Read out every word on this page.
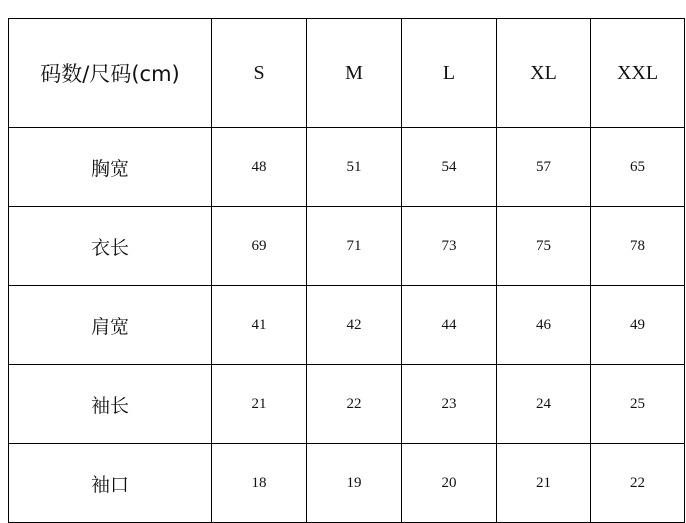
码数/尺码(cm)	S	M	L	XL	XXL
胸宽	48	51	54	57	65
衣长	69	71	73	75	78
肩宽	41	42	44	46	49
袖长	21	22	23	24	25
袖口	18	19	20	21	22
